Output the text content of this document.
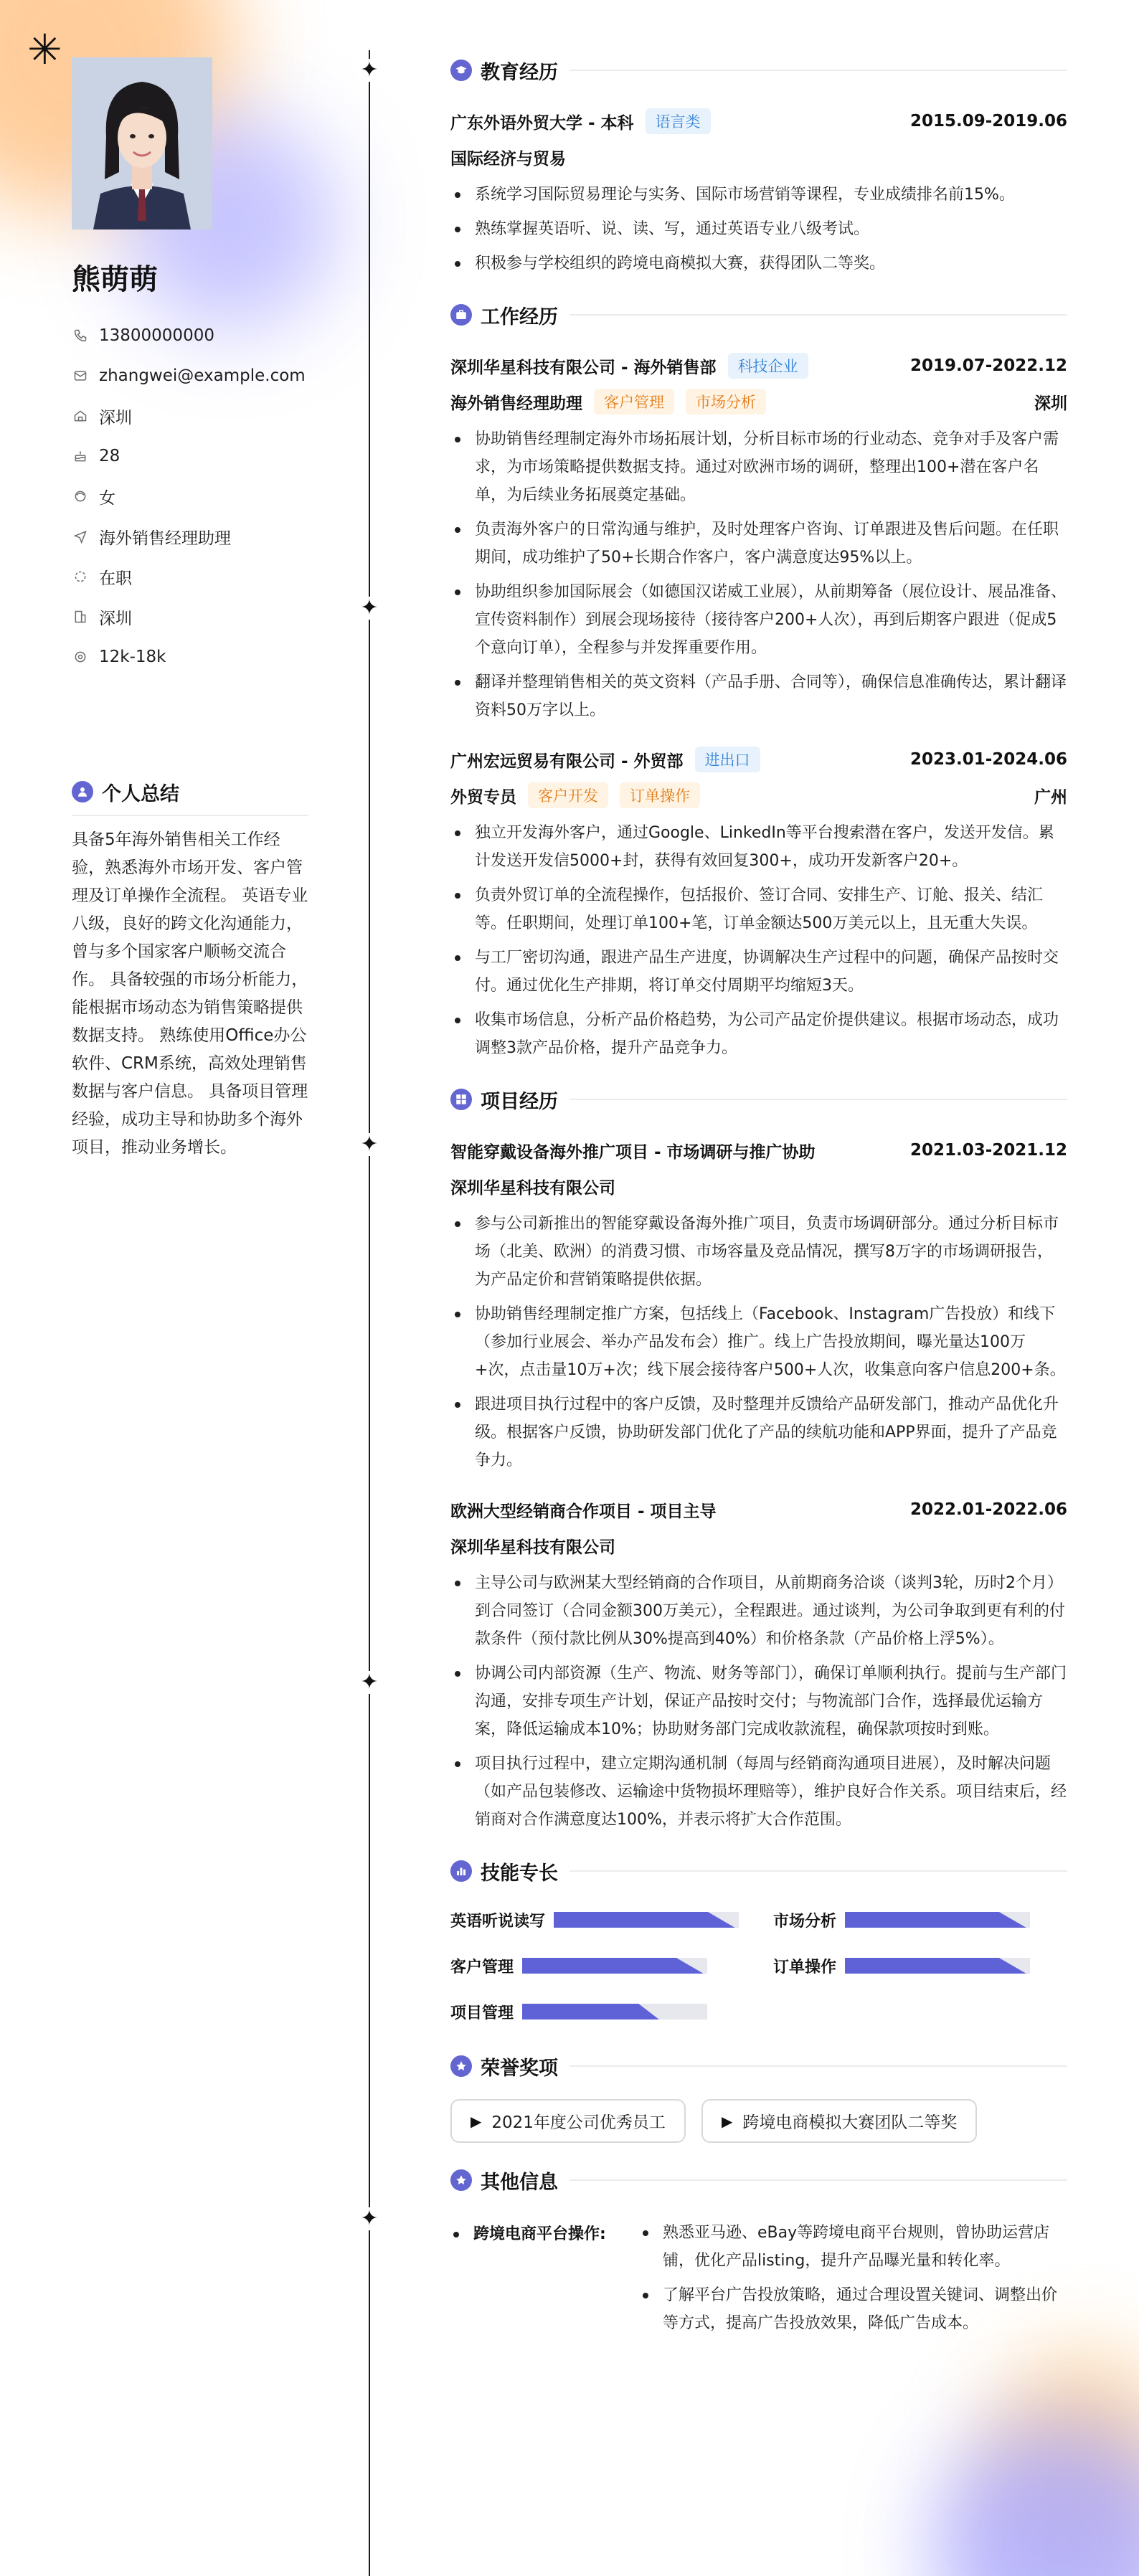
✳
熊萌萌
13800000000
zhangwei@example.com
深圳
28
女
海外销售经理助理
在职
深圳
12k-18k
个人总结
具备5年海外销售相关工作经验，熟悉海外市场开发、客户管理及订单操作全流程。 英语专业八级，良好的跨文化沟通能力，曾与多个国家客户顺畅交流合作。 具备较强的市场分析能力，能根据市场动态为销售策略提供数据支持。 熟练使用Office办公软件、CRM系统，高效处理销售数据与客户信息。 具备项目管理经验，成功主导和协助多个海外项目，推动业务增长。
✦
✦
✦
✦
✦
教育经历
广东外语外贸大学 - 本科	语言类	2015.09-2019.06
国际经济与贸易
系统学习国际贸易理论与实务、国际市场营销等课程，专业成绩排名前15%。
熟练掌握英语听、说、读、写，通过英语专业八级考试。
积极参与学校组织的跨境电商模拟大赛，获得团队二等奖。
工作经历
深圳华星科技有限公司 - 海外销售部	科技企业	2019.07-2022.12
海外销售经理助理	客户管理	市场分析	深圳
协助销售经理制定海外市场拓展计划，分析目标市场的行业动态、竞争对手及客户需求，为市场策略提供数据支持。通过对欧洲市场的调研，整理出100+潜在客户名单，为后续业务拓展奠定基础。
负责海外客户的日常沟通与维护，及时处理客户咨询、订单跟进及售后问题。在任职期间，成功维护了50+长期合作客户，客户满意度达95%以上。
协助组织参加国际展会（如德国汉诺威工业展），从前期筹备（展位设计、展品准备、宣传资料制作）到展会现场接待（接待客户200+人次），再到后期客户跟进（促成5个意向订单），全程参与并发挥重要作用。
翻译并整理销售相关的英文资料（产品手册、合同等），确保信息准确传达，累计翻译资料50万字以上。
广州宏远贸易有限公司 - 外贸部	进出口	2023.01-2024.06
外贸专员	客户开发	订单操作	广州
独立开发海外客户，通过Google、LinkedIn等平台搜索潜在客户，发送开发信。累计发送开发信5000+封，获得有效回复300+，成功开发新客户20+。
负责外贸订单的全流程操作，包括报价、签订合同、安排生产、订舱、报关、结汇等。任职期间，处理订单100+笔，订单金额达500万美元以上，且无重大失误。
与工厂密切沟通，跟进产品生产进度，协调解决生产过程中的问题，确保产品按时交付。通过优化生产排期，将订单交付周期平均缩短3天。
收集市场信息，分析产品价格趋势，为公司产品定价提供建议。根据市场动态，成功调整3款产品价格，提升产品竞争力。
项目经历
智能穿戴设备海外推广项目 - 市场调研与推广协助	2021.03-2021.12
深圳华星科技有限公司
参与公司新推出的智能穿戴设备海外推广项目，负责市场调研部分。通过分析目标市场（北美、欧洲）的消费习惯、市场容量及竞品情况，撰写8万字的市场调研报告，为产品定价和营销策略提供依据。
协助销售经理制定推广方案，包括线上（Facebook、Instagram广告投放）和线下（参加行业展会、举办产品发布会）推广。线上广告投放期间，曝光量达100万+次，点击量10万+次；线下展会接待客户500+人次，收集意向客户信息200+条。
跟进项目执行过程中的客户反馈，及时整理并反馈给产品研发部门，推动产品优化升级。根据客户反馈，协助研发部门优化了产品的续航功能和APP界面，提升了产品竞争力。
欧洲大型经销商合作项目 - 项目主导	2022.01-2022.06
深圳华星科技有限公司
主导公司与欧洲某大型经销商的合作项目，从前期商务洽谈（谈判3轮，历时2个月）到合同签订（合同金额300万美元），全程跟进。通过谈判，为公司争取到更有利的付款条件（预付款比例从30%提高到40%）和价格条款（产品价格上浮5%）。
协调公司内部资源（生产、物流、财务等部门），确保订单顺利执行。提前与生产部门沟通，安排专项生产计划，保证产品按时交付；与物流部门合作，选择最优运输方案，降低运输成本10%；协助财务部门完成收款流程，确保款项按时到账。
项目执行过程中，建立定期沟通机制（每周与经销商沟通项目进展），及时解决问题（如产品包装修改、运输途中货物损坏理赔等），维护良好合作关系。项目结束后，经销商对合作满意度达100%，并表示将扩大合作范围。
技能专长
英语听说读写	市场分析
客户管理	订单操作
项目管理
荣誉奖项
▶ 2021年度公司优秀员工	▶ 跨境电商模拟大赛团队二等奖
其他信息
跨境电商平台操作:	熟悉亚马逊、eBay等跨境电商平台规则，曾协助运营店铺，优化产品listing，提升产品曝光量和转化率。
了解平台广告投放策略，通过合理设置关键词、调整出价等方式，提高广告投放效果，降低广告成本。
